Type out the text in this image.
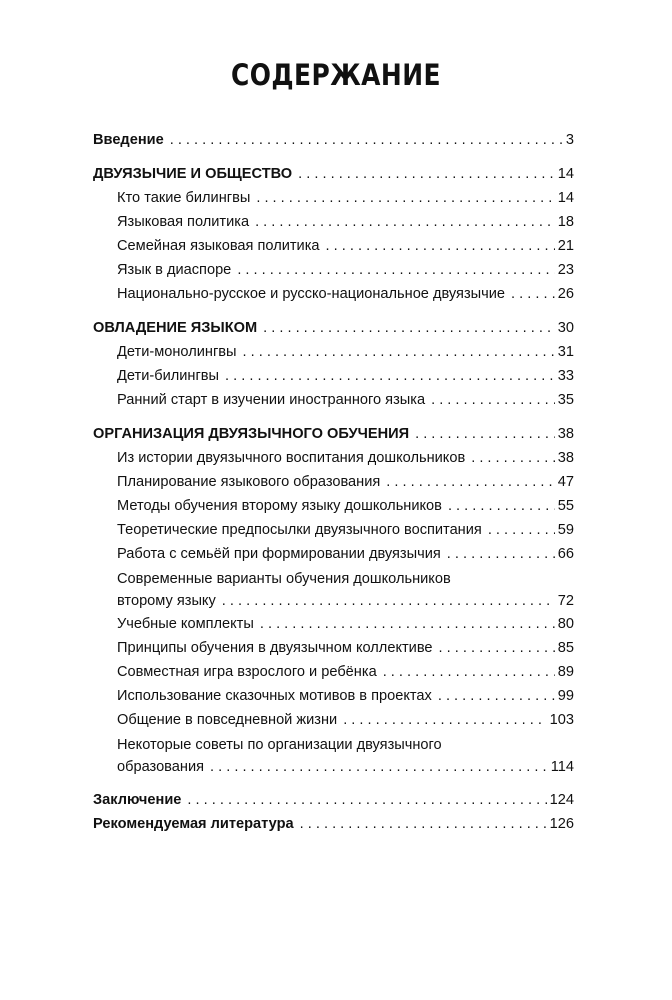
СОДЕРЖАНИЕ
Введение . . .	3
ДВУЯЗЫЧИЕ И ОБЩЕСТВО . . .	14
Кто такие билингвы . . .	14
Языковая политика . . .	18
Семейная языковая политика . . .	21
Язык в диаспоре . . .	23
Национально-русское и русско-национальное двуязычие . . .	26
ОВЛАДЕНИЕ ЯЗЫКОМ . . .	30
Дети-монолингвы . . .	31
Дети-билингвы . . .	33
Ранний старт в изучении иностранного языка . . .	35
ОРГАНИЗАЦИЯ ДВУЯЗЫЧНОГО ОБУЧЕНИЯ . . .	38
Из истории двуязычного воспитания дошкольников . . .	38
Планирование языкового образования . . .	47
Методы обучения второму языку дошкольников . . .	55
Теоретические предпосылки двуязычного воспитания . . .	59
Работа с семьёй при формировании двуязычия . . .	66
Современные варианты обучения дошкольников
второму языку . . .	72
Учебные комплекты . . .	80
Принципы обучения в двуязычном коллективе . . .	85
Совместная игра взрослого и ребёнка . . .	89
Использование сказочных мотивов в проектах . . .	99
Общение в повседневной жизни . . .	103
Некоторые советы по организации двуязычного
образования . . .	114
Заключение . . .	124
Рекомендуемая литература . . .	126
